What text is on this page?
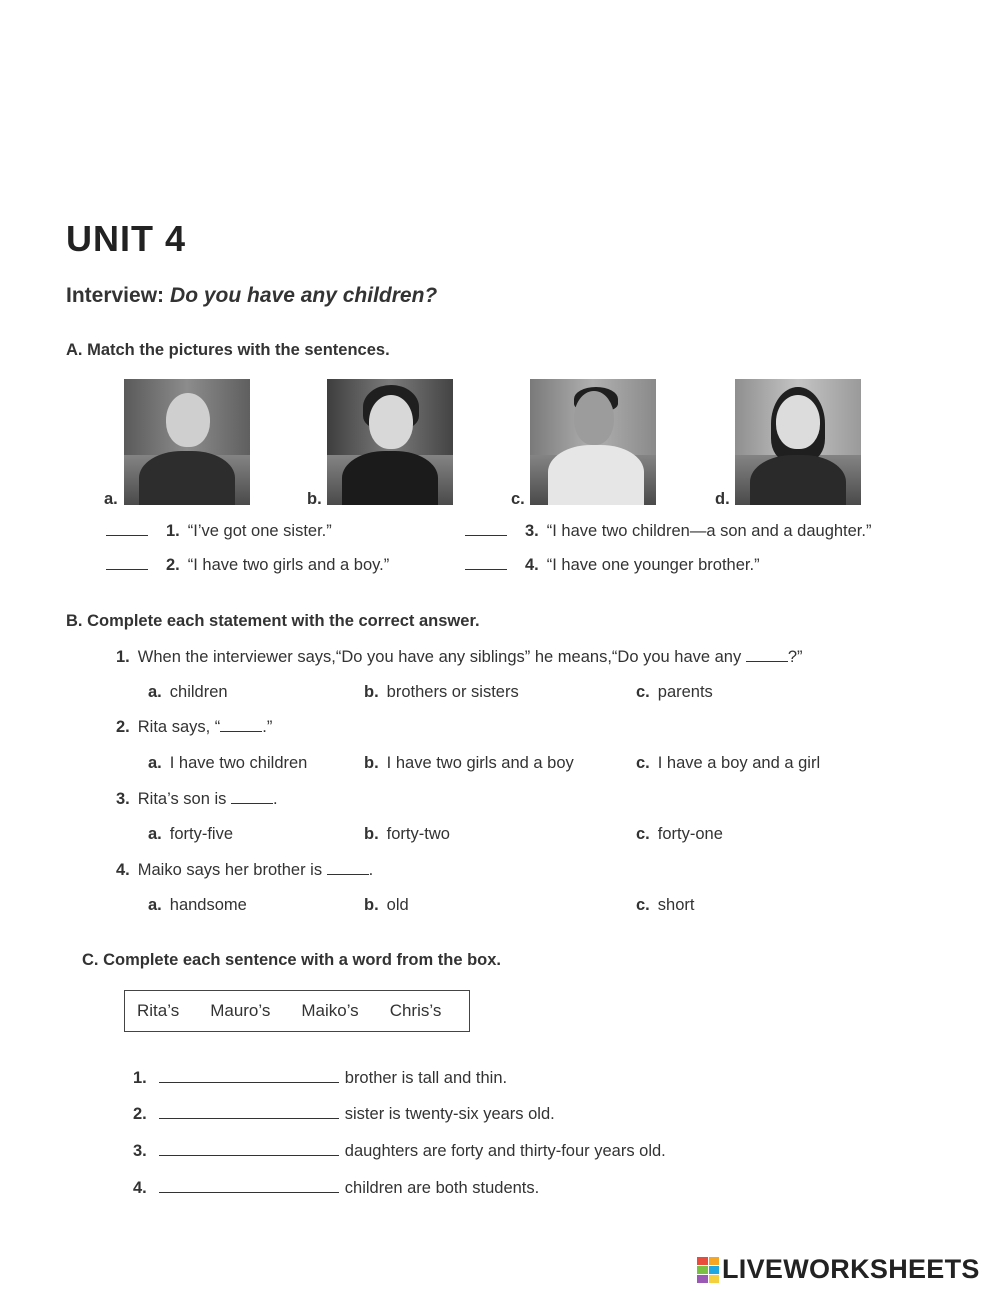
UNIT 4
Interview: Do you have any children?
A. Match the pictures with the sentences.
a.	b.	c.	d.
1. “I’ve got one sister.”
2. “I have two girls and a boy.”
3. “I have two children—a son and a daughter.”
4. “I have one younger brother.”
B. Complete each statement with the correct answer.
1. When the interviewer says,“Do you have any siblings” he means,“Do you have any	?”
a. children	b. brothers or sisters	c. parents
2. Rita says, “	.”
a. I have two children	b. I have two girls and a boy	c. I have a boy and a girl
3. Rita’s son is	.
a. forty-five	b. forty-two	c. forty-one
4. Maiko says her brother is	.
a. handsome	b. old	c. short
C. Complete each sentence with a word from the box.
Rita’s Mauro’s Maiko’s Chris’s
1.	brother is tall and thin.
2.	sister is twenty-six years old.
3.	daughters are forty and thirty-four years old.
4.	children are both students.
LIVEWORKSHEETS
